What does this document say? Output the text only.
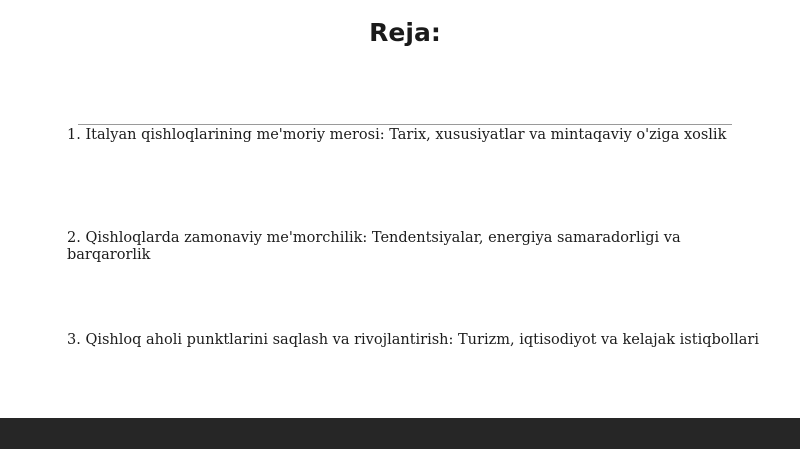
Reja:
1. Italyan qishloqlarining me'moriy merosi: Tarix, xususiyatlar va mintaqaviy o'ziga xoslik
2. Qishloqlarda zamonaviy me'morchilik: Tendentsiyalar, energiya samaradorligi va barqarorlik
3. Qishloq aholi punktlarini saqlash va rivojlantirish: Turizm, iqtisodiyot va kelajak istiqbollari
